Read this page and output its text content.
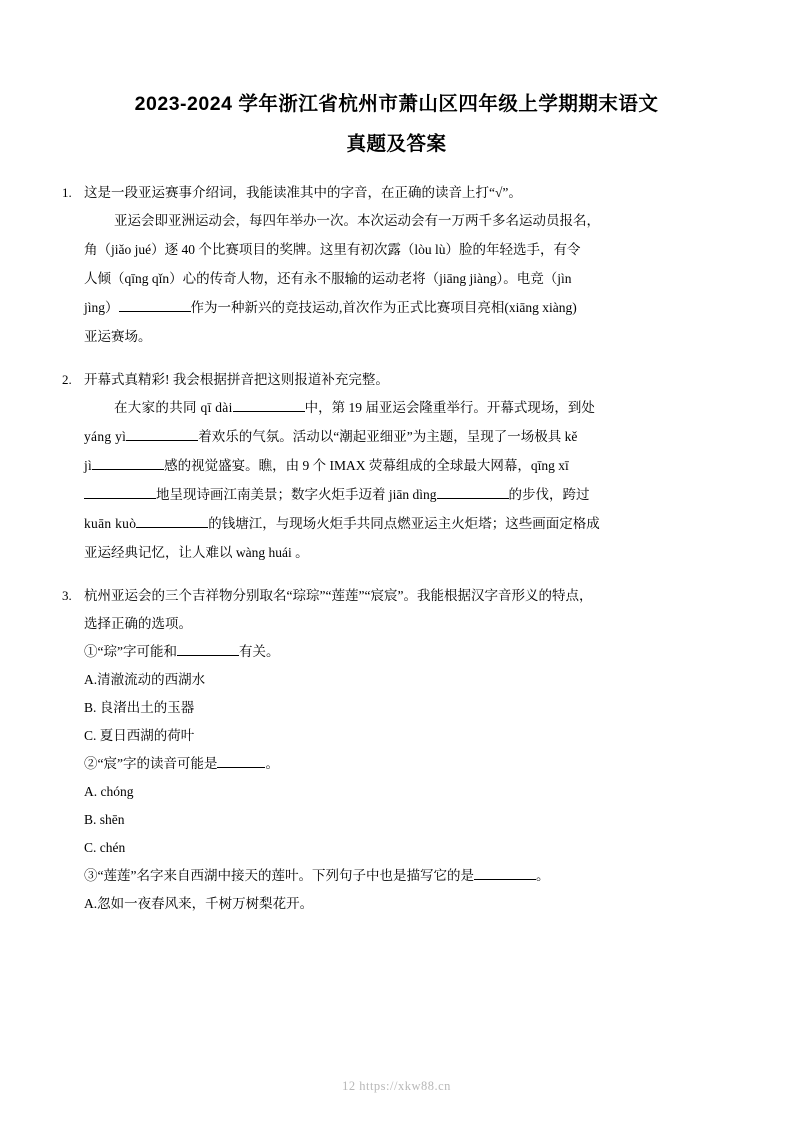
2023-2024 学年浙江省杭州市萧山区四年级上学期期末语文
真题及答案
1. 这是一段亚运赛事介绍词，我能读准其中的字音，在正确的读音上打“√”。
亚运会即亚洲运动会，每四年举办一次。本次运动会有一万两千多名运动员报名，
角（jiǎo jué）逐 40 个比赛项目的奖牌。这里有初次露（lòu lù）脸的年轻选手，有令
人倾（qīng qǐn）心的传奇人物，还有永不服输的运动老将（jiāng jiàng）。电竞（jìn
jìng）	作为一种新兴的竞技运动,首次作为正式比赛项目亮相(xiāng xiàng)
亚运赛场。
2. 开幕式真精彩! 我会根据拼音把这则报道补充完整。
在大家的共同 qī dài	中，第 19 届亚运会隆重举行。开幕式现场，到处
yáng yì	着欢乐的气氛。活动以“潮起亚细亚”为主题，呈现了一场极具 kě
jì	感的视觉盛宴。瞧，由 9 个 IMAX 荧幕组成的全球最大网幕，qīng xī
地呈现诗画江南美景；数字火炬手迈着 jiān dìng	的步伐，跨过
kuān kuò	的钱塘江，与现场火炬手共同点燃亚运主火炬塔；这些画面定格成
亚运经典记忆，让人难以 wàng huái 。
3. 杭州亚运会的三个吉祥物分别取名“琮琮”“莲莲”“宸宸”。我能根据汉字音形义的特点，
选择正确的选项。
①“琮”字可能和	有关。
A.清澈流动的西湖水
B. 良渚出土的玉器
C. 夏日西湖的荷叶
②“宸”字的读音可能是	。
A. chóng
B. shēn
C. chén
③“莲莲”名字来自西湖中接天的莲叶。下列句子中也是描写它的是	。
A.忽如一夜春风来，千树万树梨花开。
12 https://xkw88.cn
